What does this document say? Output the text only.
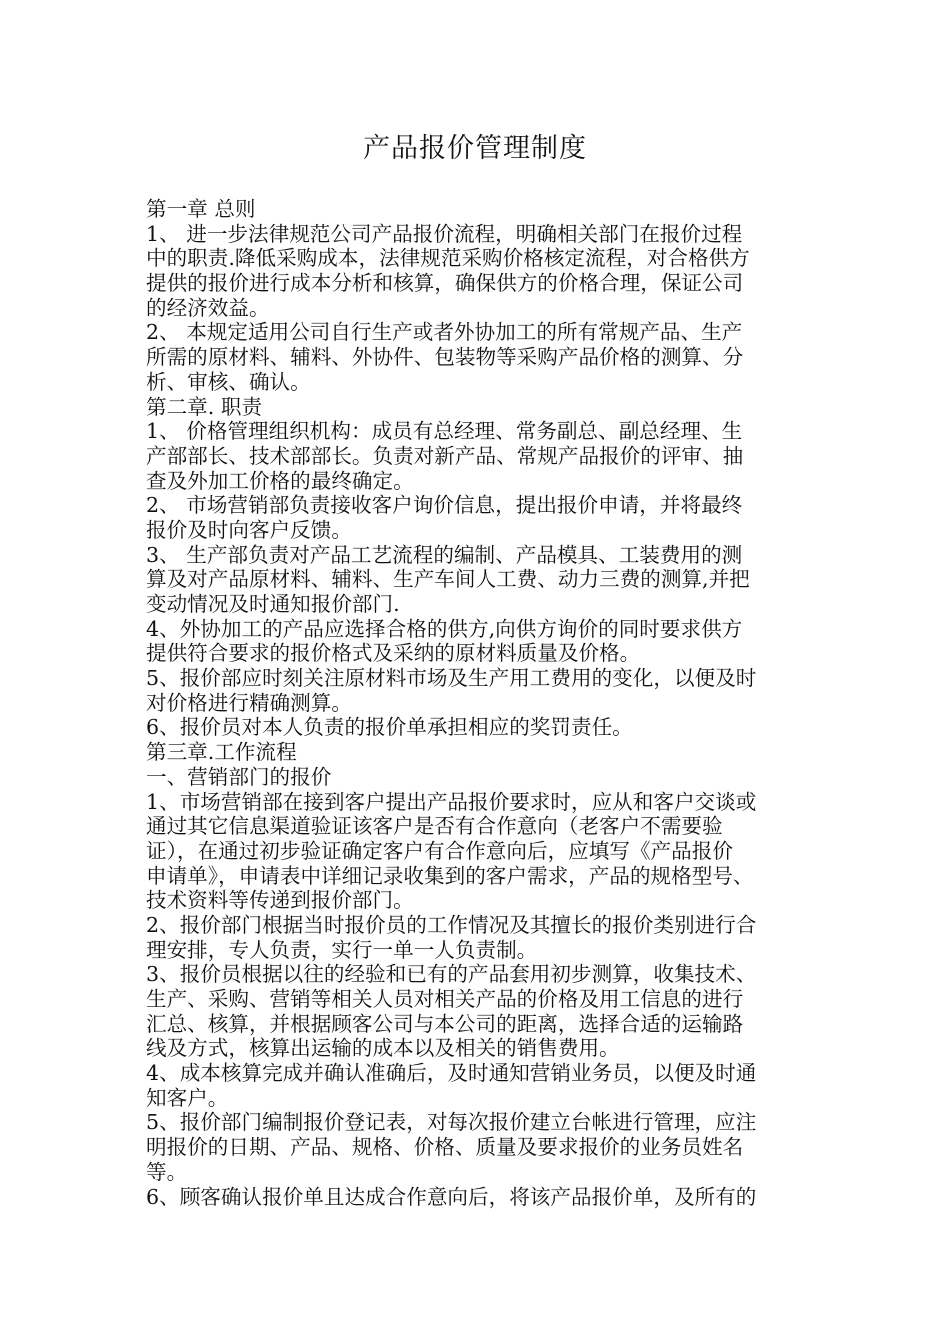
产品报价管理制度
第一章 总则
1、 进一步法律规范公司产品报价流程，明确相关部门在报价过程
中的职责.降低采购成本，法律规范采购价格核定流程，对合格供方
提供的报价进行成本分析和核算，确保供方的价格合理，保证公司
的经济效益。
2、 本规定适用公司自行生产或者外协加工的所有常规产品、生产
所需的原材料、辅料、外协件、包装物等采购产品价格的测算、分
析、审核、确认。
第二章. 职责
1、 价格管理组织机构：成员有总经理、常务副总、副总经理、生
产部部长、技术部部长。负责对新产品、常规产品报价的评审、抽
查及外加工价格的最终确定。
2、 市场营销部负责接收客户询价信息，提出报价申请，并将最终
报价及时向客户反馈。
3、 生产部负责对产品工艺流程的编制、产品模具、工装费用的测
算及对产品原材料、辅料、生产车间人工费、动力三费的测算,并把
变动情况及时通知报价部门.
4、外协加工的产品应选择合格的供方,向供方询价的同时要求供方
提供符合要求的报价格式及采纳的原材料质量及价格。
5、报价部应时刻关注原材料市场及生产用工费用的变化，以便及时
对价格进行精确测算。
6、报价员对本人负责的报价单承担相应的奖罚责任。
第三章.工作流程
一、营销部门的报价
1、市场营销部在接到客户提出产品报价要求时，应从和客户交谈或
通过其它信息渠道验证该客户是否有合作意向（老客户不需要验
证），在通过初步验证确定客户有合作意向后，应填写《产品报价
申请单》，申请表中详细记录收集到的客户需求，产品的规格型号、
技术资料等传递到报价部门。
2、报价部门根据当时报价员的工作情况及其擅长的报价类别进行合
理安排，专人负责，实行一单一人负责制。
3、报价员根据以往的经验和已有的产品套用初步测算，收集技术、
生产、采购、营销等相关人员对相关产品的价格及用工信息的进行
汇总、核算，并根据顾客公司与本公司的距离，选择合适的运输路
线及方式，核算出运输的成本以及相关的销售费用。
4、成本核算完成并确认准确后，及时通知营销业务员，以便及时通
知客户。
5、报价部门编制报价登记表，对每次报价建立台帐进行管理，应注
明报价的日期、产品、规格、价格、质量及要求报价的业务员姓名
等。
6、顾客确认报价单且达成合作意向后，将该产品报价单，及所有的
